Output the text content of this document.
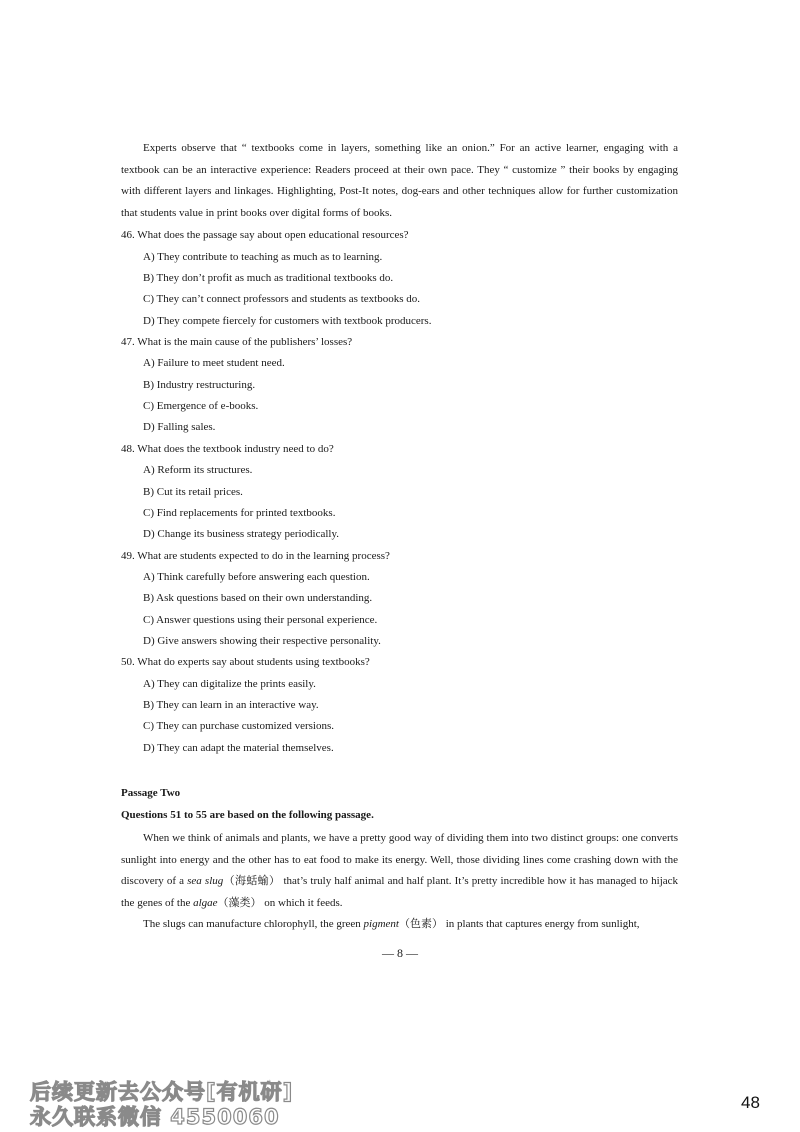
Experts observe that “ textbooks come in layers, something like an onion.” For an active learner, engaging with a textbook can be an interactive experience: Readers proceed at their own pace. They “ customize ” their books by engaging with different layers and linkages. Highlighting, Post-It notes, dog-ears and other techniques allow for further customization that students value in print books over digital forms of books.

46. What does the passage say about open educational resources?
A) They contribute to teaching as much as to learning.
B) They don’t profit as much as traditional textbooks do.
C) They can’t connect professors and students as textbooks do.
D) They compete fiercely for customers with textbook producers.
47. What is the main cause of the publishers’ losses?
A) Failure to meet student need.
B) Industry restructuring.
C) Emergence of e-books.
D) Falling sales.
48. What does the textbook industry need to do?
A) Reform its structures.
B) Cut its retail prices.
C) Find replacements for printed textbooks.
D) Change its business strategy periodically.
49. What are students expected to do in the learning process?
A) Think carefully before answering each question.
B) Ask questions based on their own understanding.
C) Answer questions using their personal experience.
D) Give answers showing their respective personality.
50. What do experts say about students using textbooks?
A) They can digitalize the prints easily.
B) They can learn in an interactive way.
C) They can purchase customized versions.
D) They can adapt the material themselves.
Passage Two
Questions 51 to 55 are based on the following passage.

When we think of animals and plants, we have a pretty good way of dividing them into two distinct groups: one converts sunlight into energy and the other has to eat food to make its energy. Well, those dividing lines come crashing down with the discovery of a sea slug（海蛞蝓） that’s truly half animal and half plant. It’s pretty incredible how it has managed to hijack the genes of the algae（藻类） on which it feeds.

The slugs can manufacture chlorophyll, the green pigment（色素） in plants that captures energy from sunlight,

— 8 —
后续更新去公众号[有机研]
永久联系微信 4550060
48
